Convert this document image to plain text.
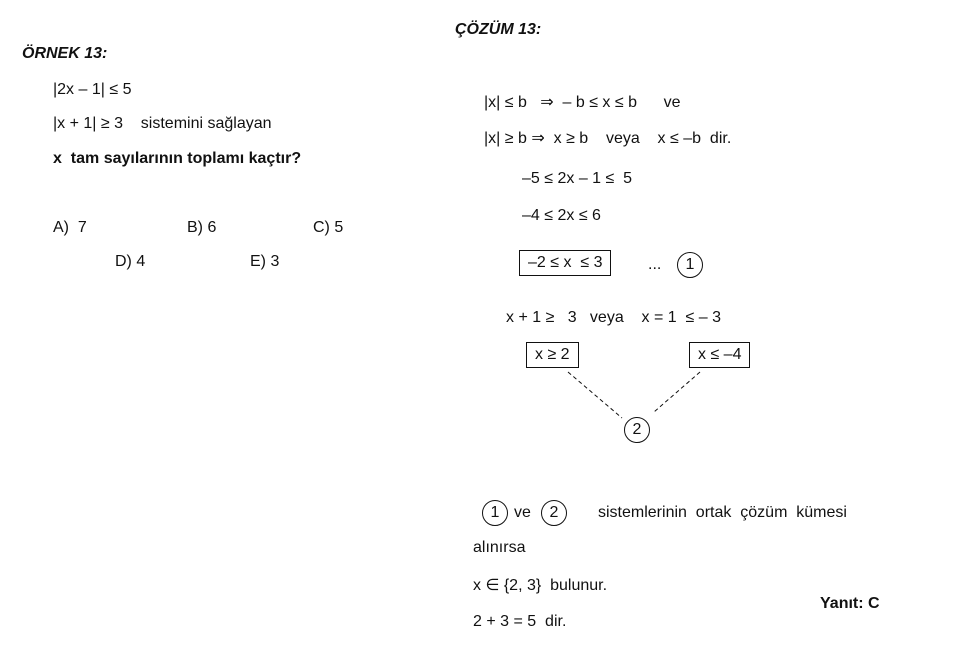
ÖRNEK 13:
|2x – 1| ≤ 5
|x + 1| ≥ 3    sistemini sağlayan
x  tam sayılarının toplamı kaçtır?
A)  7	B) 6	C) 5
D) 4	E) 3
ÇÖZÜM 13:
|x| ≤ b   ⇒  – b ≤ x ≤ b      ve
|x| ≥ b ⇒  x ≥ b    veya    x ≤ –b  dir.
–5 ≤ 2x – 1 ≤  5
–4 ≤ 2x ≤ 6
–2 ≤ x  ≤ 3	...	1
x + 1 ≥   3   veya    x = 1  ≤ – 3
x ≥ 2	x ≤ –4
2
1 ve	2	sistemlerinin  ortak  çözüm  kümesi
alınırsa
x ∈ {2, 3}  bulunur.
2 + 3 = 5  dir.
Yanıt: C
